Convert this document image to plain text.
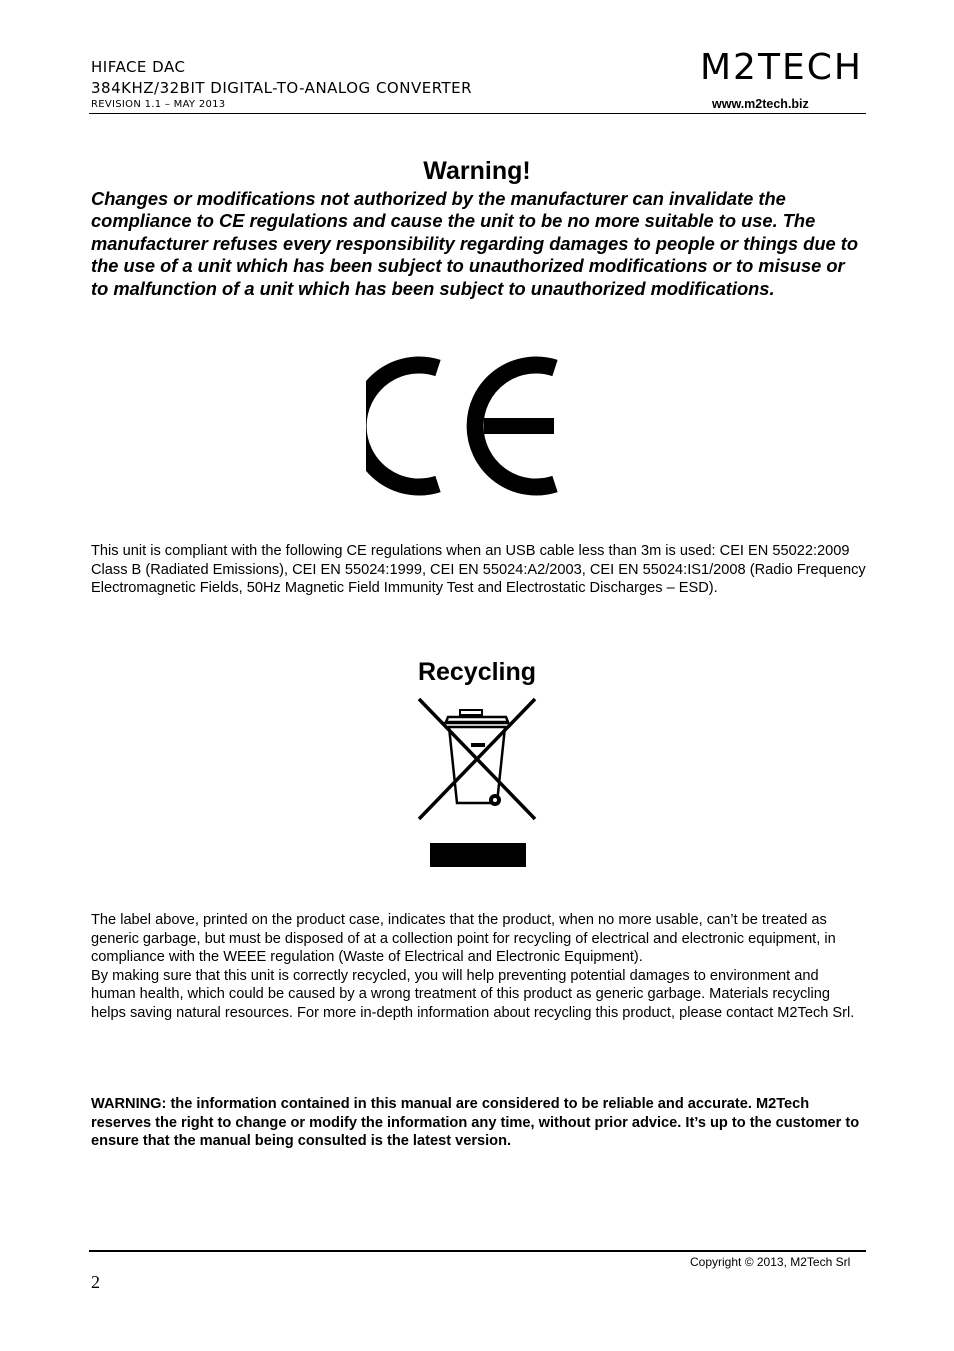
HIFACE DAC
384KHZ/32BIT DIGITAL-TO-ANALOG CONVERTER
REVISION 1.1 – MAY 2013
M2TECH
www.m2tech.biz
Warning!
Changes or modifications not authorized by the manufacturer can invalidate the compliance to CE regulations and cause the unit to be no more suitable to use. The manufacturer refuses every responsibility regarding damages to people or things due to the use of a unit which has been subject to unauthorized modifications or to misuse or to malfunction of a unit which has been subject to unauthorized modifications.
This unit is compliant with the following CE regulations when an USB cable less than 3m is used: CEI EN 55022:2009 Class B (Radiated Emissions), CEI EN 55024:1999, CEI EN 55024:A2/2003, CEI EN 55024:IS1/2008 (Radio Frequency Electromagnetic Fields, 50Hz Magnetic Field Immunity Test and Electrostatic Discharges – ESD).
Recycling

The label above, printed on the product case, indicates that the product, when no more usable, can’t be treated as generic garbage, but must be disposed of at a collection point for recycling of electrical and electronic equipment, in compliance with the WEEE regulation (Waste of Electrical and Electronic Equipment).

By making sure that this unit is correctly recycled, you will help preventing potential damages to environment and human health, which could be caused by a wrong treatment of this product as generic garbage. Materials recycling helps saving natural resources. For more in-depth information about recycling this product, please contact M2Tech Srl.

WARNING: the information contained in this manual are considered to be reliable and accurate. M2Tech reserves the right to change or modify the information any time, without prior advice. It’s up to the customer to ensure that the manual being consulted is the latest version.
Copyright © 2013, M2Tech Srl
2
